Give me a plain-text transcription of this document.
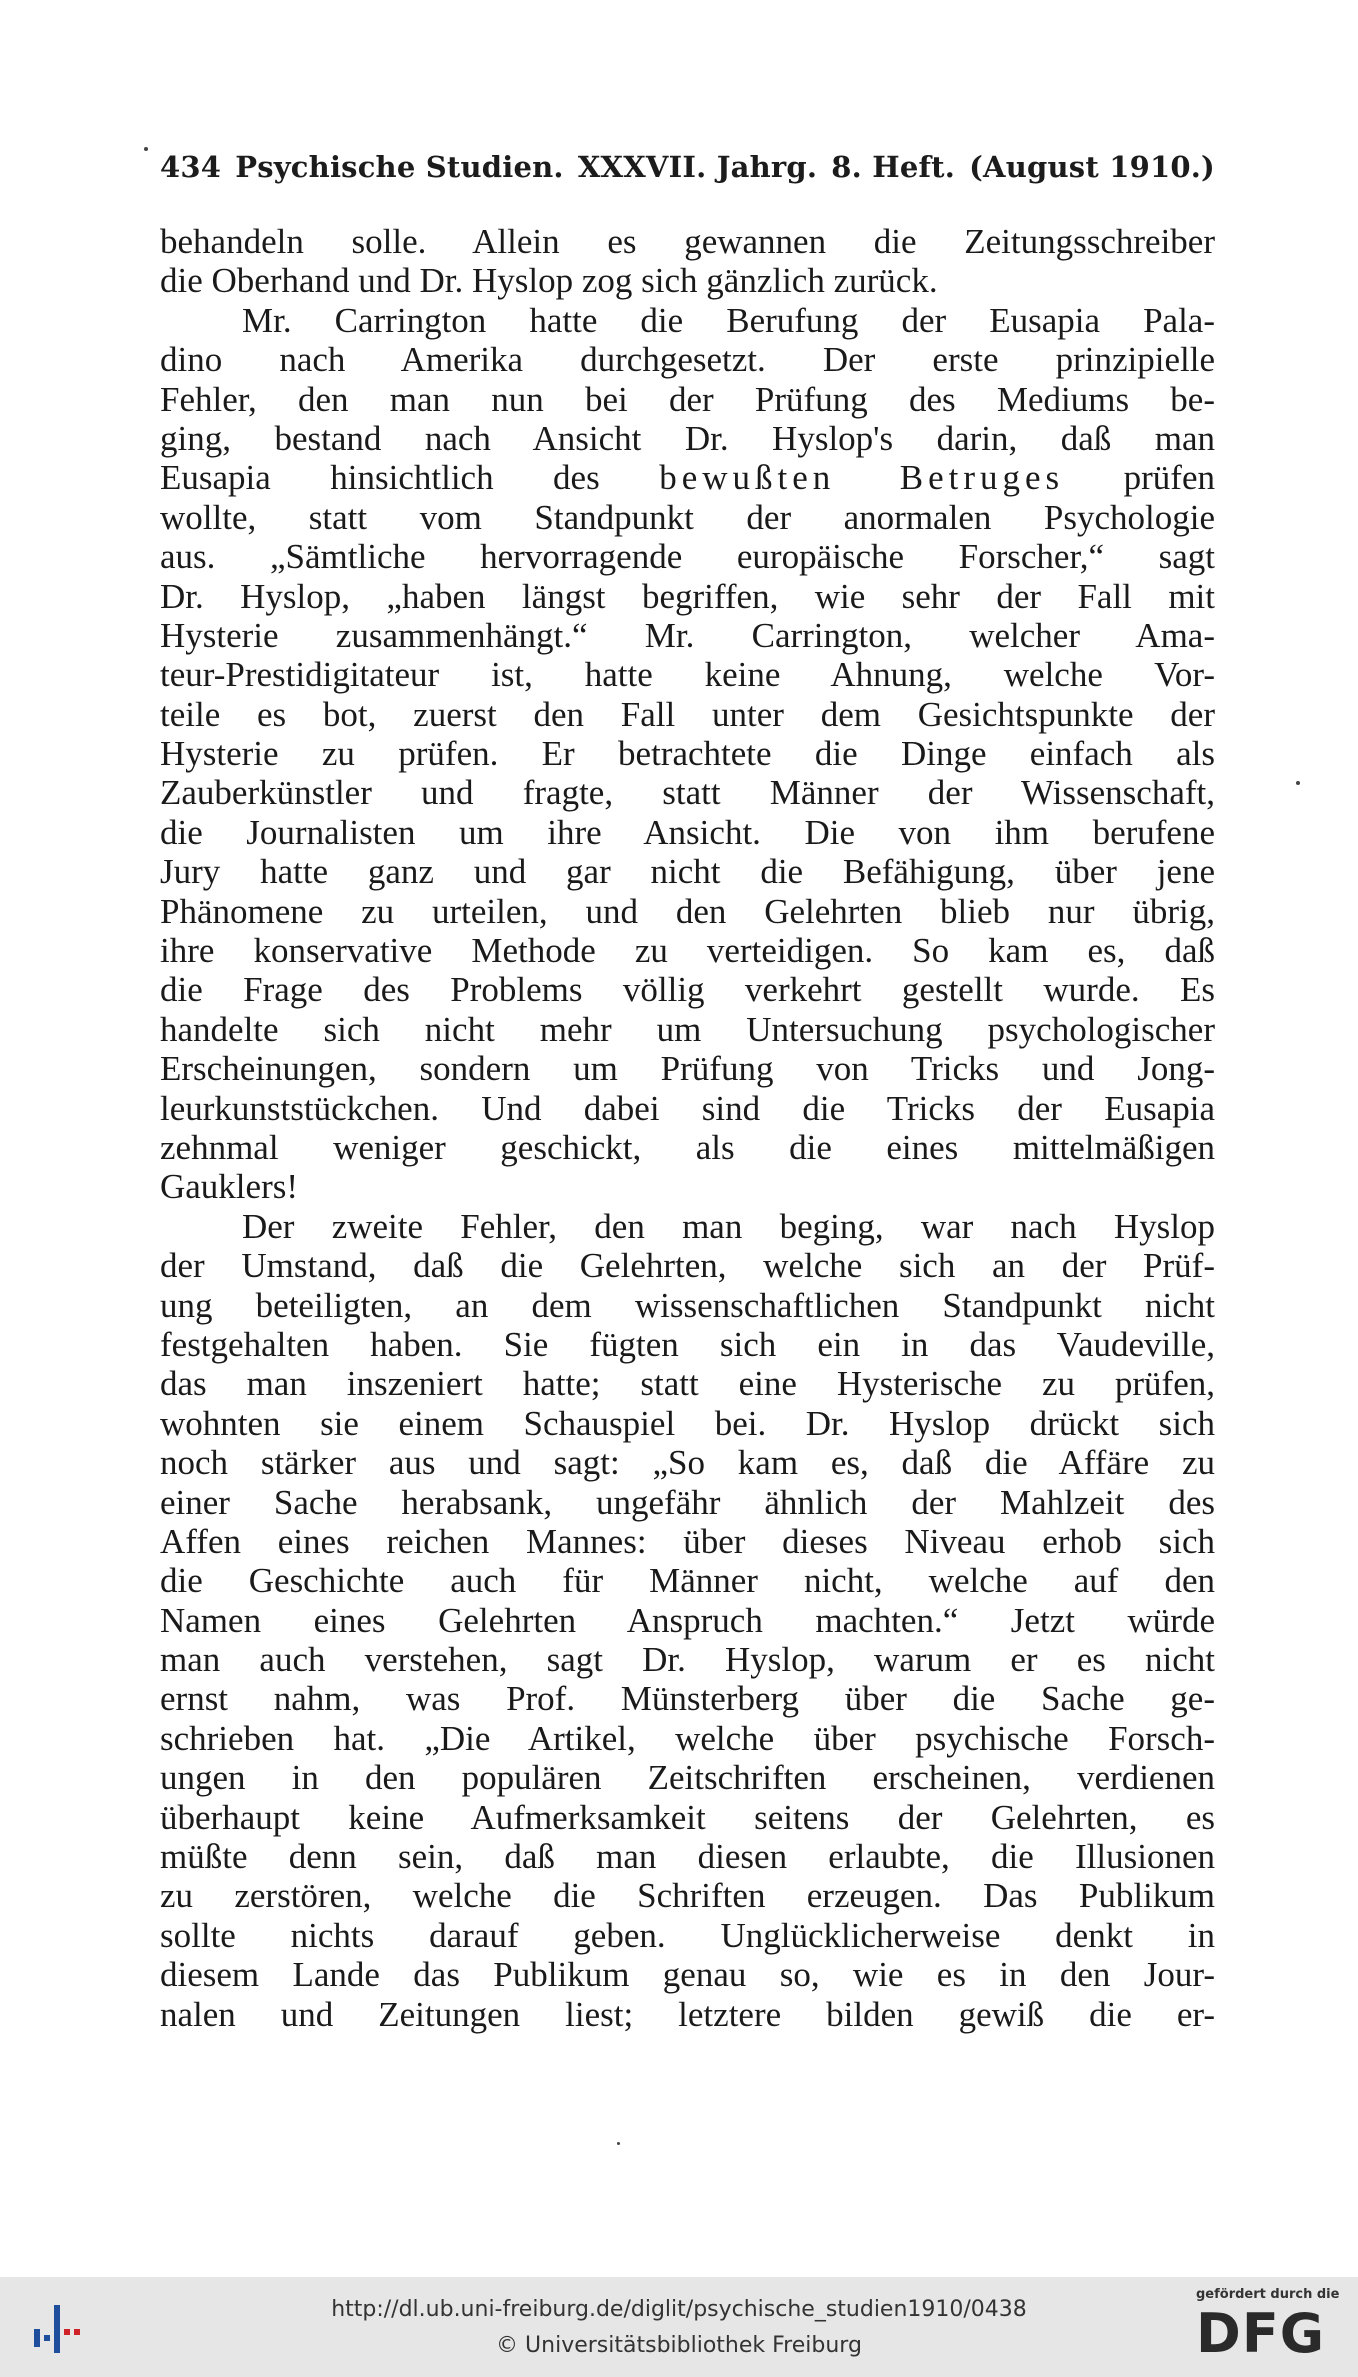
434 Psychische Studien. XXXVII. Jahrg. 8. Heft. (August 1910.)
behandeln solle. Allein es gewannen die Zeitungsschreiber
die Oberhand und Dr. Hyslop zog sich gänzlich zurück.
Mr. Carrington hatte die Berufung der Eusapia Pala-
dino nach Amerika durchgesetzt. Der erste prinzipielle
Fehler, den man nun bei der Prüfung des Mediums be-
ging, bestand nach Ansicht Dr. Hyslop's darin, daß man
Eusapia hinsichtlich des bewußten Betruges prüfen
wollte, statt vom Standpunkt der anormalen Psychologie
aus. „Sämtliche hervorragende europäische Forscher,“ sagt
Dr. Hyslop, „haben längst begriffen, wie sehr der Fall mit
Hysterie zusammenhängt.“ Mr. Carrington, welcher Ama-
teur-Prestidigitateur ist, hatte keine Ahnung, welche Vor-
teile es bot, zuerst den Fall unter dem Gesichtspunkte der
Hysterie zu prüfen. Er betrachtete die Dinge einfach als
Zauberkünstler und fragte, statt Männer der Wissenschaft,
die Journalisten um ihre Ansicht. Die von ihm berufene
Jury hatte ganz und gar nicht die Befähigung, über jene
Phänomene zu urteilen, und den Gelehrten blieb nur übrig,
ihre konservative Methode zu verteidigen. So kam es, daß
die Frage des Problems völlig verkehrt gestellt wurde. Es
handelte sich nicht mehr um Untersuchung psychologischer
Erscheinungen, sondern um Prüfung von Tricks und Jong-
leurkunststückchen. Und dabei sind die Tricks der Eusapia
zehnmal weniger geschickt, als die eines mittelmäßigen
Gauklers!
Der zweite Fehler, den man beging, war nach Hyslop
der Umstand, daß die Gelehrten, welche sich an der Prüf-
ung beteiligten, an dem wissenschaftlichen Standpunkt nicht
festgehalten haben. Sie fügten sich ein in das Vaudeville,
das man inszeniert hatte; statt eine Hysterische zu prüfen,
wohnten sie einem Schauspiel bei. Dr. Hyslop drückt sich
noch stärker aus und sagt: „So kam es, daß die Affäre zu
einer Sache herabsank, ungefähr ähnlich der Mahlzeit des
Affen eines reichen Mannes: über dieses Niveau erhob sich
die Geschichte auch für Männer nicht, welche auf den
Namen eines Gelehrten Anspruch machten.“ Jetzt würde
man auch verstehen, sagt Dr. Hyslop, warum er es nicht
ernst nahm, was Prof. Münsterberg über die Sache ge-
schrieben hat. „Die Artikel, welche über psychische Forsch-
ungen in den populären Zeitschriften erscheinen, verdienen
überhaupt keine Aufmerksamkeit seitens der Gelehrten, es
müßte denn sein, daß man diesen erlaubte, die Illusionen
zu zerstören, welche die Schriften erzeugen. Das Publikum
sollte nichts darauf geben. Unglücklicherweise denkt in
diesem Lande das Publikum genau so, wie es in den Jour-
nalen und Zeitungen liest; letztere bilden gewiß die er-
http://dl.ub.uni-freiburg.de/diglit/psychische_studien1910/0438
© Universitätsbibliothek Freiburg
gefördert durch die
DFG
